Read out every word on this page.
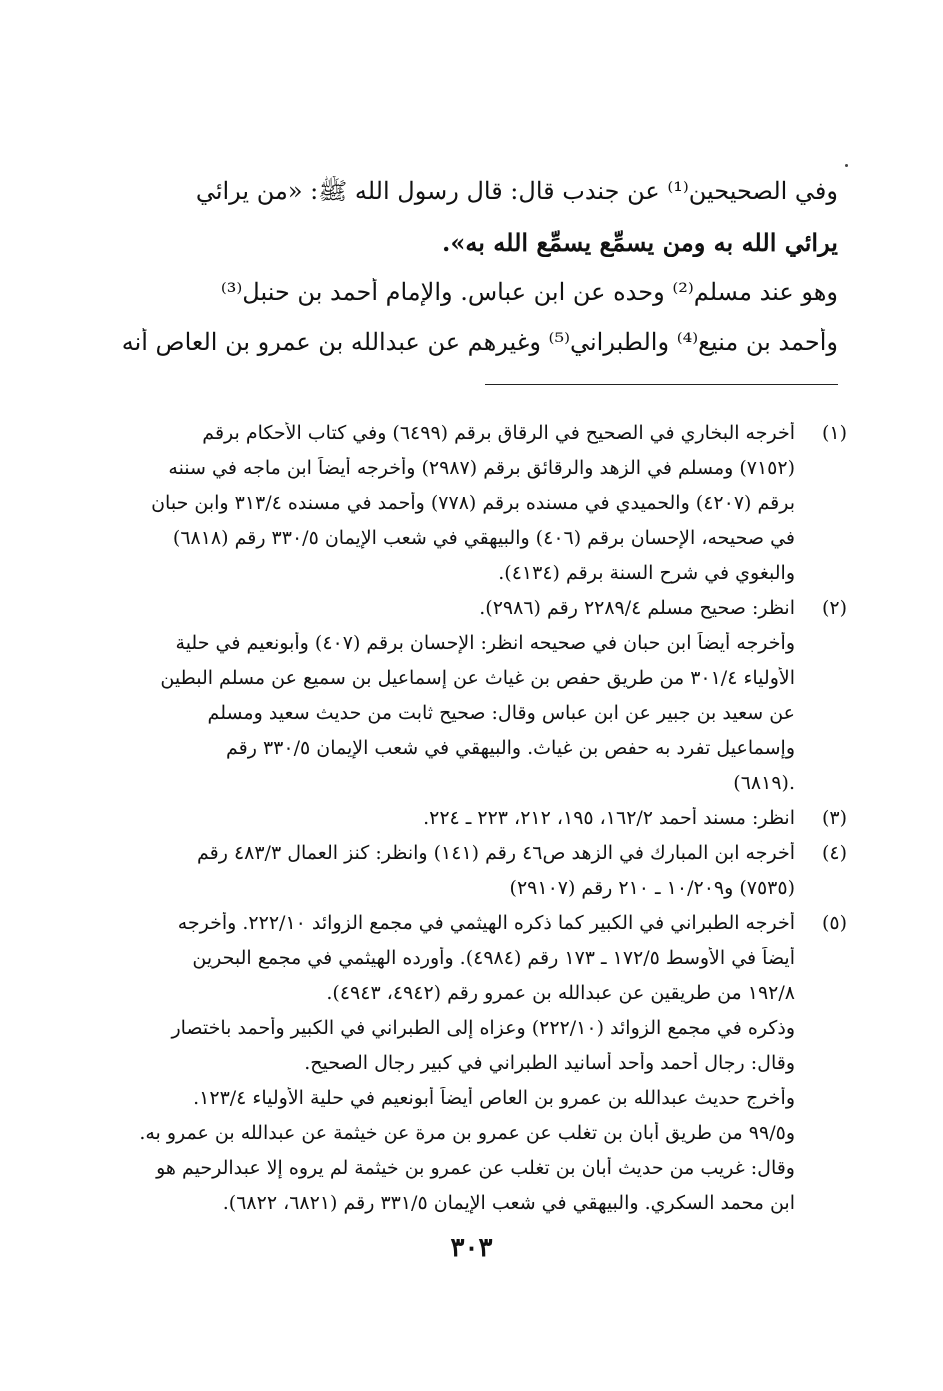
وفي الصحيحين⁽¹⁾ عن جندب قال: قال رسول الله ﷺ: «من يرائي
يرائي الله به ومن يسمِّع يسمِّع الله به».
وهو عند مسلم⁽²⁾ وحده عن ابن عباس. والإمام أحمد بن حنبل⁽³⁾
وأحمد بن منيع⁽⁴⁾ والطبراني⁽⁵⁾ وغيرهم عن عبدالله بن عمرو بن العاص أنه
(١)
أخرجه البخاري في الصحيح في الرقاق برقم (٦٤٩٩) وفي كتاب الأحكام برقم
(٧١٥٢) ومسلم في الزهد والرقائق برقم (٢٩٨٧) وأخرجه أيضاً ابن ماجه في سننه
برقم (٤٢٠٧) والحميدي في مسنده برقم (٧٧٨) وأحمد في مسنده ٣١٣/٤ وابن حبان
في صحيحه، الإحسان برقم (٤٠٦) والبيهقي في شعب الإيمان ٣٣٠/٥ رقم (٦٨١٨)
والبغوي في شرح السنة برقم (٤١٣٤).
(٢)
انظر: صحيح مسلم ٢٢٨٩/٤ رقم (٢٩٨٦).
وأخرجه أيضاً ابن حبان في صحيحه انظر: الإحسان برقم (٤٠٧) وأبونعيم في حلية
الأولياء ٣٠١/٤ من طريق حفص بن غياث عن إسماعيل بن سميع عن مسلم البطين
عن سعيد بن جبير عن ابن عباس وقال: صحيح ثابت من حديث سعيد ومسلم
وإسماعيل تفرد به حفص بن غياث. والبيهقي في شعب الإيمان ٣٣٠/٥ رقم
(٦٨١٩).
(٣)
انظر: مسند أحمد ١٦٢/٢، ١٩٥، ٢١٢، ٢٢٣ ـ ٢٢٤.
(٤)
أخرجه ابن المبارك في الزهد ص٤٦ رقم (١٤١) وانظر: كنز العمال ٤٨٣/٣ رقم
(٧٥٣٥) و١٠/٢٠٩ ـ ٢١٠ رقم (٢٩١٠٧)
(٥)
أخرجه الطبراني في الكبير كما ذكره الهيثمي في مجمع الزوائد ٢٢٢/١٠. وأخرجه
أيضاً في الأوسط ١٧٢/٥ ـ ١٧٣ رقم (٤٩٨٤). وأورده الهيثمي في مجمع البحرين
١٩٢/٨ من طريقين عن عبدالله بن عمرو رقم (٤٩٤٢، ٤٩٤٣).
وذكره في مجمع الزوائد (٢٢٢/١٠) وعزاه إلى الطبراني في الكبير وأحمد باختصار
وقال: رجال أحمد وأحد أسانيد الطبراني في كبير رجال الصحيح.
وأخرج حديث عبدالله بن عمرو بن العاص أيضاً أبونعيم في حلية الأولياء ١٢٣/٤.
و٩٩/٥ من طريق أبان بن تغلب عن عمرو بن مرة عن خيثمة عن عبدالله بن عمرو به.
وقال: غريب من حديث أبان بن تغلب عن عمرو بن خيثمة لم يروه إلا عبدالرحيم هو
ابن محمد السكري. والبيهقي في شعب الإيمان ٣٣١/٥ رقم (٦٨٢١، ٦٨٢٢).
٣٠٣
